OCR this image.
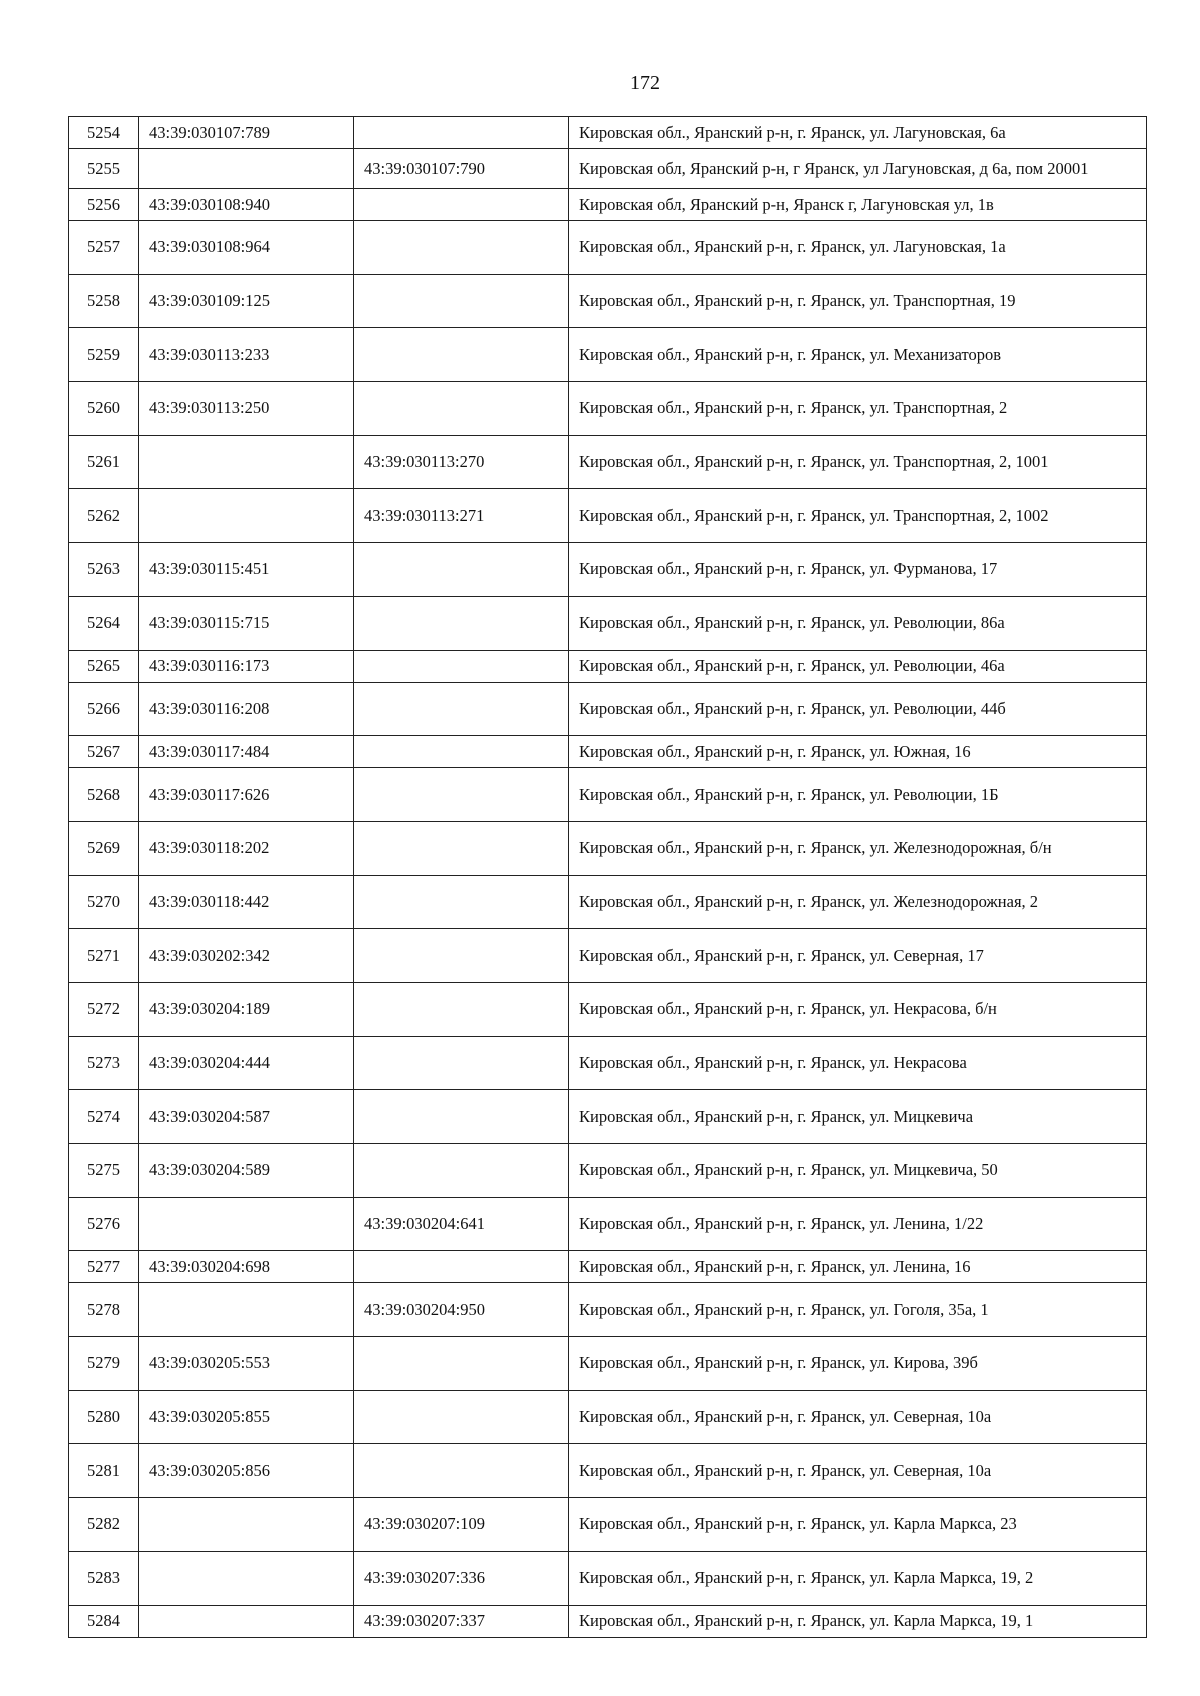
172
5254	43:39:030107:789		Кировская обл., Яранский р-н, г. Яранск, ул. Лагуновская, 6а
5255		43:39:030107:790	Кировская обл, Яранский р-н, г Яранск, ул Лагуновская, д 6а, пом 20001
5256	43:39:030108:940		Кировская обл, Яранский р-н, Яранск г, Лагуновская ул, 1в
5257	43:39:030108:964		Кировская обл., Яранский р-н, г. Яранск, ул. Лагуновская, 1а
5258	43:39:030109:125		Кировская обл., Яранский р-н, г. Яранск, ул. Транспортная, 19
5259	43:39:030113:233		Кировская обл., Яранский р-н, г. Яранск, ул. Механизаторов
5260	43:39:030113:250		Кировская обл., Яранский р-н, г. Яранск, ул. Транспортная, 2
5261		43:39:030113:270	Кировская обл., Яранский р-н, г. Яранск, ул. Транспортная, 2, 1001
5262		43:39:030113:271	Кировская обл., Яранский р-н, г. Яранск, ул. Транспортная, 2, 1002
5263	43:39:030115:451		Кировская обл., Яранский р-н, г. Яранск, ул. Фурманова, 17
5264	43:39:030115:715		Кировская обл., Яранский р-н, г. Яранск, ул. Революции, 86а
5265	43:39:030116:173		Кировская обл., Яранский р-н, г. Яранск, ул. Революции, 46а
5266	43:39:030116:208		Кировская обл., Яранский р-н, г. Яранск, ул. Революции, 44б
5267	43:39:030117:484		Кировская обл., Яранский р-н, г. Яранск, ул. Южная, 16
5268	43:39:030117:626		Кировская обл., Яранский р-н, г. Яранск, ул. Революции, 1Б
5269	43:39:030118:202		Кировская обл., Яранский р-н, г. Яранск, ул. Железнодорожная, б/н
5270	43:39:030118:442		Кировская обл., Яранский р-н, г. Яранск, ул. Железнодорожная, 2
5271	43:39:030202:342		Кировская обл., Яранский р-н, г. Яранск, ул. Северная, 17
5272	43:39:030204:189		Кировская обл., Яранский р-н, г. Яранск, ул. Некрасова, б/н
5273	43:39:030204:444		Кировская обл., Яранский р-н, г. Яранск, ул. Некрасова
5274	43:39:030204:587		Кировская обл., Яранский р-н, г. Яранск, ул. Мицкевича
5275	43:39:030204:589		Кировская обл., Яранский р-н, г. Яранск, ул. Мицкевича, 50
5276		43:39:030204:641	Кировская обл., Яранский р-н, г. Яранск, ул. Ленина, 1/22
5277	43:39:030204:698		Кировская обл., Яранский р-н, г. Яранск, ул. Ленина, 16
5278		43:39:030204:950	Кировская обл., Яранский р-н, г. Яранск, ул. Гоголя, 35а, 1
5279	43:39:030205:553		Кировская обл., Яранский р-н, г. Яранск, ул. Кирова, 39б
5280	43:39:030205:855		Кировская обл., Яранский р-н, г. Яранск, ул. Северная, 10а
5281	43:39:030205:856		Кировская обл., Яранский р-н, г. Яранск, ул. Северная, 10а
5282		43:39:030207:109	Кировская обл., Яранский р-н, г. Яранск, ул. Карла Маркса, 23
5283		43:39:030207:336	Кировская обл., Яранский р-н, г. Яранск, ул. Карла Маркса, 19, 2
5284		43:39:030207:337	Кировская обл., Яранский р-н, г. Яранск, ул. Карла Маркса, 19, 1
